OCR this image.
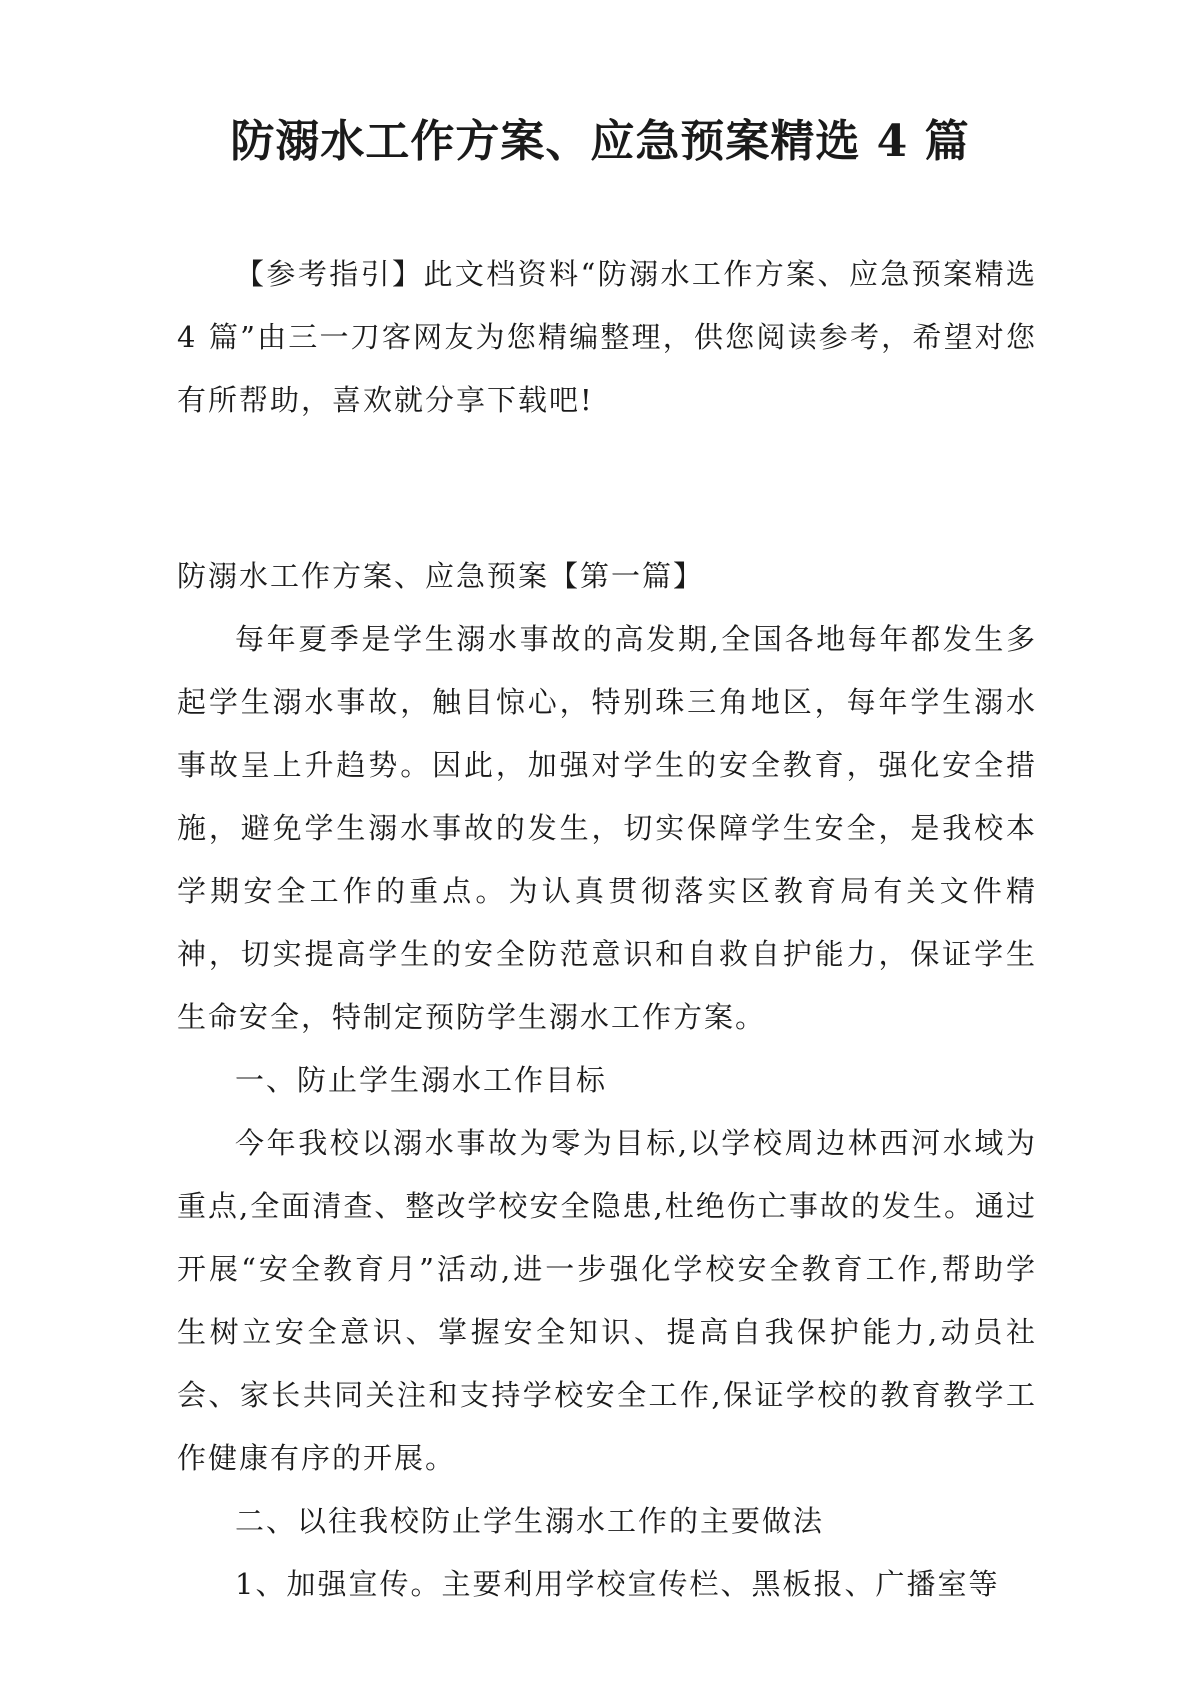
防溺水工作方案、应急预案精选 4 篇

【参考指引】此文档资料“防溺水工作方案、应急预案精选 4 篇”由三一刀客网友为您精编整理，供您阅读参考，希望对您有所帮助，喜欢就分享下载吧!

防溺水工作方案、应急预案【第一篇】

每年夏季是学生溺水事故的高发期,全国各地每年都发生多起学生溺水事故，触目惊心，特别珠三角地区，每年学生溺水事故呈上升趋势。因此，加强对学生的安全教育，强化安全措施，避免学生溺水事故的发生，切实保障学生安全，是我校本学期安全工作的重点。为认真贯彻落实区教育局有关文件精神，切实提高学生的安全防范意识和自救自护能力，保证学生生命安全，特制定预防学生溺水工作方案。

一、防止学生溺水工作目标

今年我校以溺水事故为零为目标,以学校周边林西河水域为重点,全面清查、整改学校安全隐患,杜绝伤亡事故的发生。通过开展“安全教育月”活动,进一步强化学校安全教育工作,帮助学生树立安全意识、掌握安全知识、提高自我保护能力,动员社会、家长共同关注和支持学校安全工作,保证学校的教育教学工作健康有序的开展。

二、以往我校防止学生溺水工作的主要做法

1、加强宣传。主要利用学校宣传栏、黑板报、广播室等
